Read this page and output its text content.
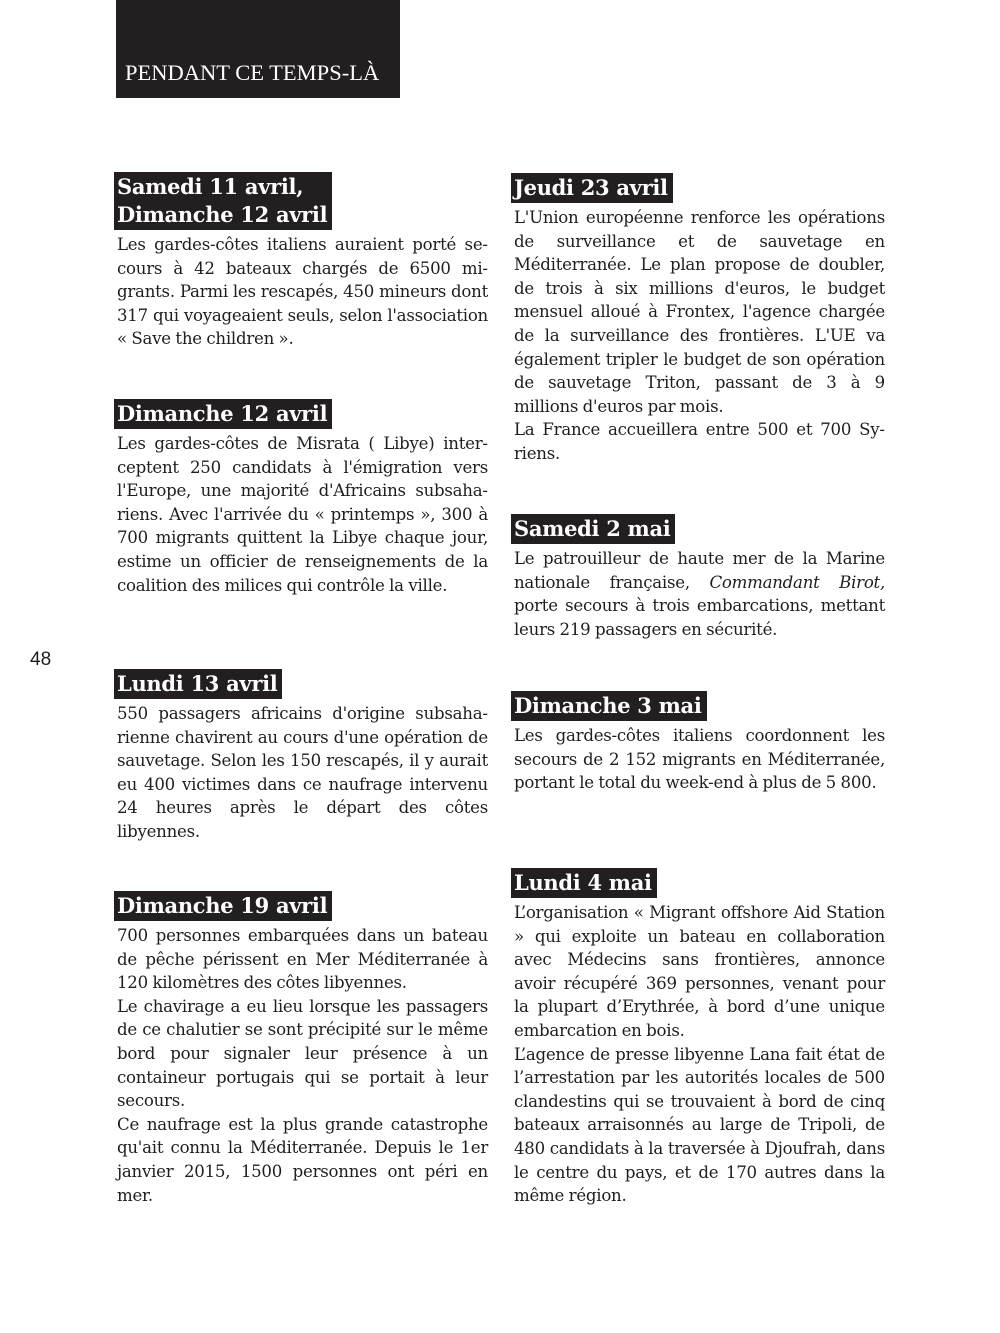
PENDANT CE TEMPS-LÀ
48
Samedi 11 avril,
Dimanche 12 avril

Les gardes-côtes italiens auraient porté secours à 42 bateaux chargés de 6500 migrants. Parmi les rescapés, 450 mineurs dont 317 qui voyageaient seuls, selon l'association « Save the children ».

Dimanche 12 avril

Les gardes-côtes de Misrata ( Libye) interceptent 250 candidats à l'émigration vers l'Europe, une majorité d'Africains subsahariens. Avec l'arrivée du « printemps », 300 à 700 migrants quittent la Libye chaque jour, estime un officier de renseignements de la coalition des milices qui contrôle la ville.

Lundi 13 avril

550 passagers africains d'origine subsaharienne chavirent au cours d'une opération de sauvetage. Selon les 150 rescapés, il y aurait eu 400 victimes dans ce naufrage intervenu 24 heures après le départ des côtes libyennes.

Dimanche 19 avril

700 personnes embarquées dans un bateau de pêche périssent en Mer Méditerranée à 120 kilomètres des côtes libyennes.

Le chavirage a eu lieu lorsque les passagers de ce chalutier se sont précipité sur le même bord pour signaler leur présence à un containeur portugais qui se portait à leur secours.

Ce naufrage est la plus grande catastrophe qu'ait connu la Méditerranée. Depuis le 1er janvier 2015, 1500 personnes ont péri en mer.

Jeudi 23 avril

L'Union européenne renforce les opérations de surveillance et de sauvetage en Méditerranée. Le plan propose de doubler, de trois à six millions d'euros, le budget mensuel alloué à Frontex, l'agence chargée de la surveillance des frontières. L'UE va également tripler le budget de son opération de sauvetage Triton, passant de 3 à 9 millions d'euros par mois.

La France accueillera entre 500 et 700 Syriens.

Samedi 2 mai

Le patrouilleur de haute mer de la Marine nationale française, Commandant Birot, porte secours à trois embarcations, mettant leurs 219 passagers en sécurité.

Dimanche 3 mai

Les gardes-côtes italiens coordonnent les secours de 2 152 migrants en Méditerranée, portant le total du week-end à plus de 5 800.

Lundi 4 mai

L’organisation « Migrant offshore Aid Station » qui exploite un bateau en collaboration avec Médecins sans frontières, annonce avoir récupéré 369 personnes, venant pour la plupart d’Erythrée, à bord d’une unique embarcation en bois.

L’agence de presse libyenne Lana fait état de l’arrestation par les autorités locales de 500 clandestins qui se trouvaient à bord de cinq bateaux arraisonnés au large de Tripoli, de 480 candidats à la traversée à Djoufrah, dans le centre du pays, et de 170 autres dans la même région.
